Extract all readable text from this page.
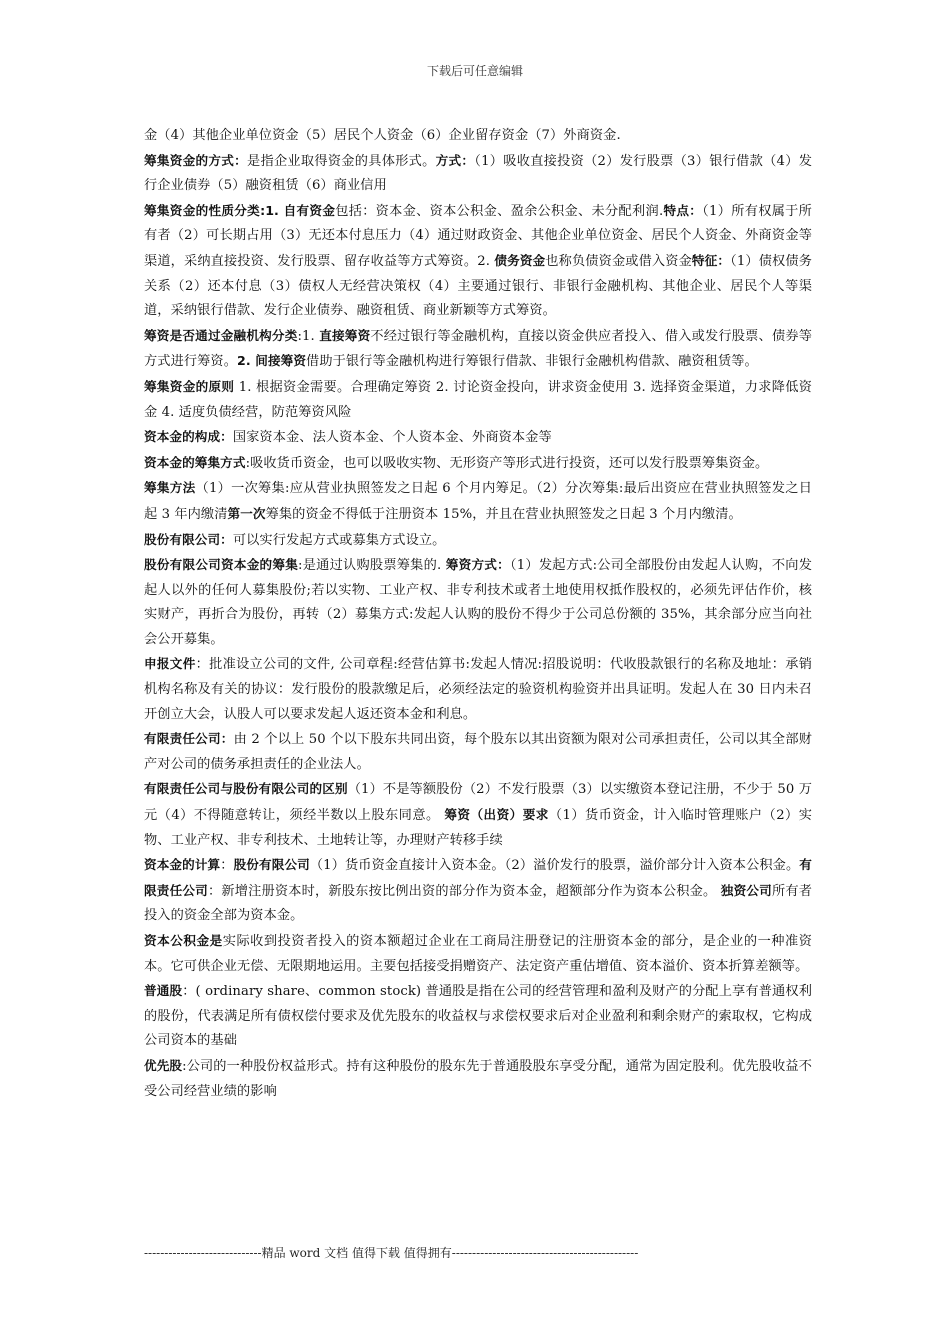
下载后可任意编辑

金（4）其他企业单位资金（5）居民个人资金（6）企业留存资金（7）外商资金.

筹集资金的方式：是指企业取得资金的具体形式。方式：（1）吸收直接投资（2）发行股票（3）银行借款（4）发行企业债券（5）融资租赁（6）商业信用

筹集资金的性质分类:1. 自有资金包括：资本金、资本公积金、盈余公积金、未分配利润.特点：（1）所有权属于所有者（2）可长期占用（3）无还本付息压力（4）通过财政资金、其他企业单位资金、居民个人资金、外商资金等渠道，采纳直接投资、发行股票、留存收益等方式筹资。2. 债务资金也称负债资金或借入资金特征：（1）债权债务关系（2）还本付息（3）债权人无经营决策权（4）主要通过银行、非银行金融机构、其他企业、居民个人等渠道，采纳银行借款、发行企业债券、融资租赁、商业新颖等方式筹资。

筹资是否通过金融机构分类:1. 直接筹资不经过银行等金融机构，直接以资金供应者投入、借入或发行股票、债券等方式进行筹资。2. 间接筹资借助于银行等金融机构进行筹银行借款、非银行金融机构借款、融资租赁等。

筹集资金的原则 1. 根据资金需要。合理确定筹资 2. 讨论资金投向，讲求资金使用 3. 选择资金渠道，力求降低资金 4. 适度负债经营，防范筹资风险

资本金的构成：国家资本金、法人资本金、个人资本金、外商资本金等

资本金的筹集方式:吸收货币资金，也可以吸收实物、无形资产等形式进行投资，还可以发行股票筹集资金。

筹集方法（1）一次筹集:应从营业执照签发之日起 6 个月内筹足。（2）分次筹集:最后出资应在营业执照签发之日起 3 年内缴清第一次筹集的资金不得低于注册资本 15%，并且在营业执照签发之日起 3 个月内缴清。

股份有限公司：可以实行发起方式或募集方式设立。

股份有限公司资本金的筹集:是通过认购股票筹集的. 筹资方式：（1）发起方式:公司全部股份由发起人认购，不向发起人以外的任何人募集股份;若以实物、工业产权、非专利技术或者土地使用权抵作股权的，必须先评估作价，核实财产，再折合为股份，再转（2）募集方式:发起人认购的股份不得少于公司总份额的 35%，其余部分应当向社会公开募集。

申报文件：批准设立公司的文件, 公司章程:经营估算书:发起人情况:招股说明：代收股款银行的名称及地址：承销机构名称及有关的协议：发行股份的股款缴足后，必须经法定的验资机构验资并出具证明。发起人在 30 日内未召开创立大会，认股人可以要求发起人返还资本金和利息。

有限责任公司：由 2 个以上 50 个以下股东共同出资，每个股东以其出资额为限对公司承担责任，公司以其全部财产对公司的债务承担责任的企业法人。

有限责任公司与股份有限公司的区别（1）不是等额股份（2）不发行股票（3）以实缴资本登记注册，不少于 50 万元（4）不得随意转让，须经半数以上股东同意。 筹资（出资）要求（1）货币资金，计入临时管理账户（2）实物、工业产权、非专利技术、土地转让等，办理财产转移手续

资本金的计算：股份有限公司（1）货币资金直接计入资本金。（2）溢价发行的股票，溢价部分计入资本公积金。有限责任公司：新增注册资本时，新股东按比例出资的部分作为资本金，超额部分作为资本公积金。 独资公司所有者投入的资金全部为资本金。

资本公积金是实际收到投资者投入的资本额超过企业在工商局注册登记的注册资本金的部分，是企业的一种准资本。它可供企业无偿、无限期地运用。主要包括接受捐赠资产、法定资产重估增值、资本溢价、资本折算差额等。

普通股：( ordinary share、common stock) 普通股是指在公司的经营管理和盈利及财产的分配上享有普通权利的股份，代表满足所有债权偿付要求及优先股东的收益权与求偿权要求后对企业盈利和剩余财产的索取权，它构成公司资本的基础

优先股:公司的一种股份权益形式。持有这种股份的股东先于普通股股东享受分配，通常为固定股利。优先股收益不受公司经营业绩的影响

-----------------------------精品 word 文档 值得下载 值得拥有----------------------------------------------
